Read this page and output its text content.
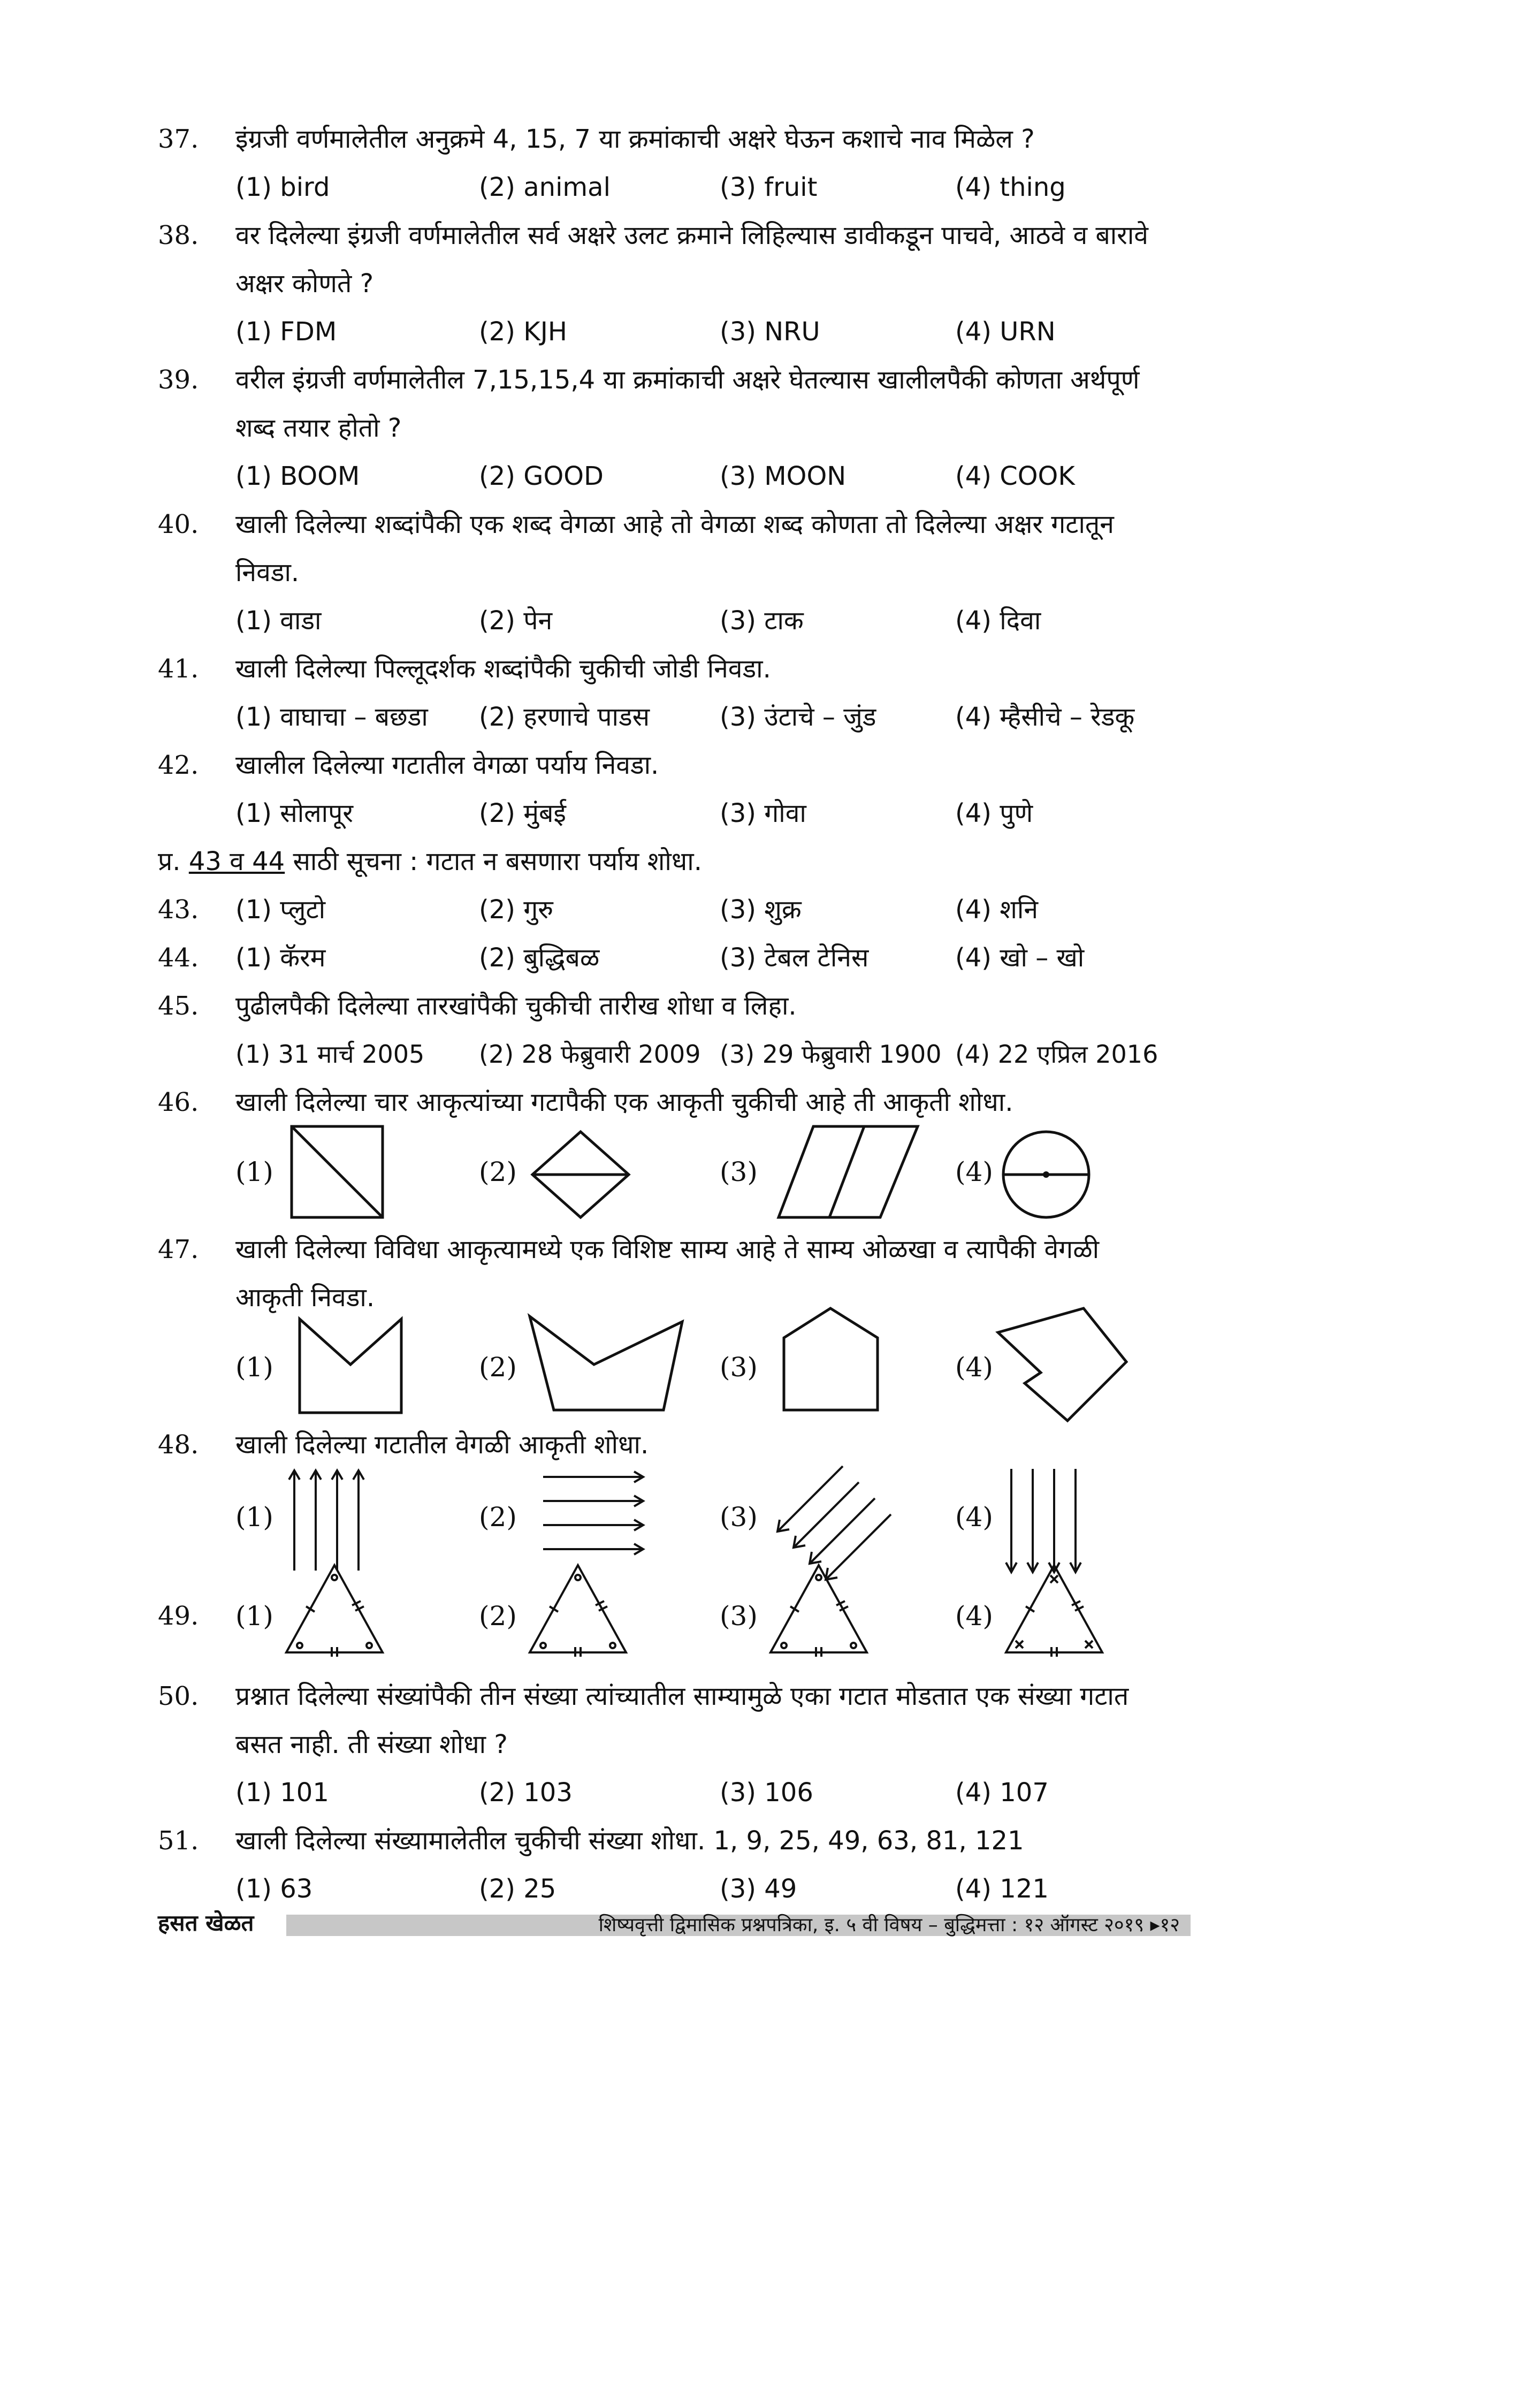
37. इंग्रजी वर्णमालेतील अनुक्रमे 4, 15, 7 या क्रमांकाची अक्षरे घेऊन कशाचे नाव मिळेल ?
(1) bird	(2) animal	(3) fruit	(4) thing
38. वर दिलेल्या इंग्रजी वर्णमालेतील सर्व अक्षरे उलट क्रमाने लिहिल्यास डावीकडून पाचवे, आठवे व बारावे
अक्षर कोणते ?
(1) FDM	(2) KJH	(3) NRU	(4) URN
39. वरील इंग्रजी वर्णमालेतील 7,15,15,4 या क्रमांकाची अक्षरे घेतल्यास खालीलपैकी कोणता अर्थपूर्ण
शब्द तयार होतो ?
(1) BOOM	(2) GOOD	(3) MOON	(4) COOK
40. खाली दिलेल्या शब्दांपैकी एक शब्द वेगळा आहे तो वेगळा शब्द कोणता तो दिलेल्या अक्षर गटातून
निवडा.
(1) वाडा	(2) पेन	(3) टाक	(4) दिवा
41. खाली दिलेल्या पिल्लूदर्शक शब्दांपैकी चुकीची जोडी निवडा.
(1) वाघाचा – बछडा (2) हरणाचे पाडस	(3) उंटाचे – जुंड	(4) म्हैसीचे – रेडकू
42. खालील दिलेल्या गटातील वेगळा पर्याय निवडा.
(1) सोलापूर	(2) मुंबई	(3) गोवा	(4) पुणे
प्र. 43 व 44 साठी सूचना : गटात न बसणारा पर्याय शोधा.
43. (1) प्लुटो	(2) गुरु	(3) शुक्र	(4) शनि
44. (1) कॅरम	(2) बुद्धिबळ	(3) टेबल टेनिस	(4) खो – खो
45. पुढीलपैकी दिलेल्या तारखांपैकी चुकीची तारीख शोधा व लिहा.
(1) 31 मार्च 2005 (2) 28 फेब्रुवारी 2009 (3) 29 फेब्रुवारी 1900 (4) 22 एप्रिल 2016
46. खाली दिलेल्या चार आकृत्यांच्या गटापैकी एक आकृती चुकीची आहे ती आकृती शोधा.
(1)	(2)	(3)	(4)
47. खाली दिलेल्या विविधा आकृत्यामध्ये एक विशिष्ट साम्य आहे ते साम्य ओळखा व त्यापैकी वेगळी
आकृती निवडा.
(1)	(2)	(3)	(4)
48. खाली दिलेल्या गटातील वेगळी आकृती शोधा.
(1)	(2)	(3)	(4)
49. (1)	(2)	(3)	(4)
50. प्रश्नात दिलेल्या संख्यांपैकी तीन संख्या त्यांच्यातील साम्यामुळे एका गटात मोडतात एक संख्या गटात
बसत नाही. ती संख्या शोधा ?
(1) 101	(2) 103	(3) 106	(4) 107
51. खाली दिलेल्या संख्यामालेतील चुकीची संख्या शोधा. 1, 9, 25, 49, 63, 81, 121
(1) 63	(2) 25	(3) 49	(4) 121
हसत खेळत	शिष्यवृत्ती द्विमासिक प्रश्नपत्रिका, इ. ५ वी विषय – बुद्धिमत्ता : १२ ऑगस्ट २०१९ ▸१२
